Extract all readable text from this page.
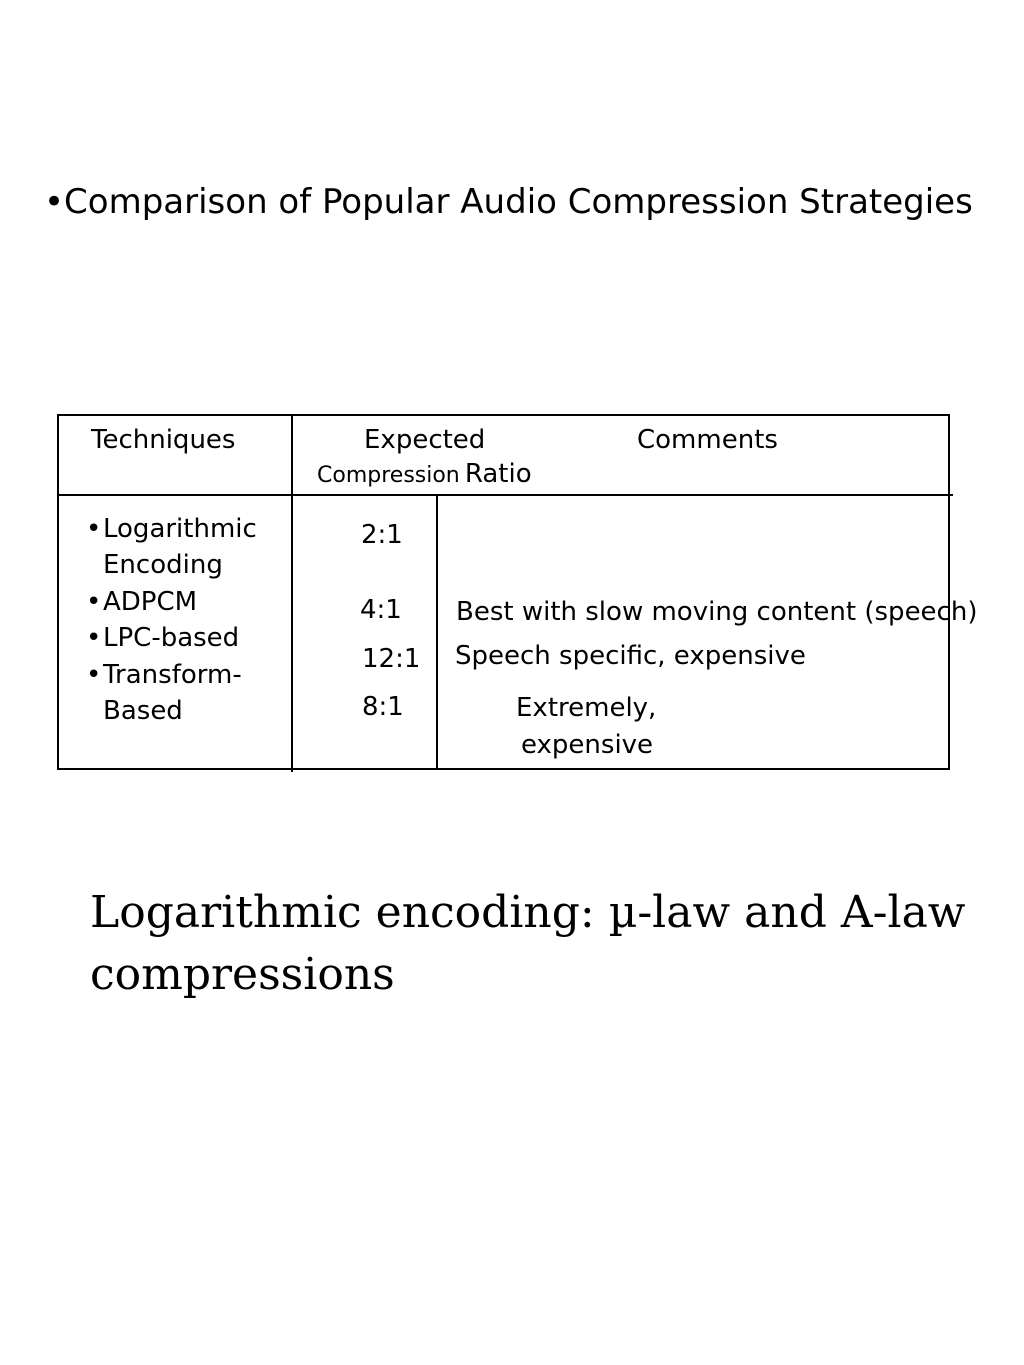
•Comparison of Popular Audio Compression Strategies
Techniques	Expected
Compression Ratio
Comments
• Logarithmic
Encoding
• ADPCM
• LPC-based
• Transform-
Based
2:1
4:1
12:1
8:1
Best with slow moving content (speech)
Speech specific, expensive
Extremely,
expensive
Logarithmic encoding: µ-law and A-law compressions
